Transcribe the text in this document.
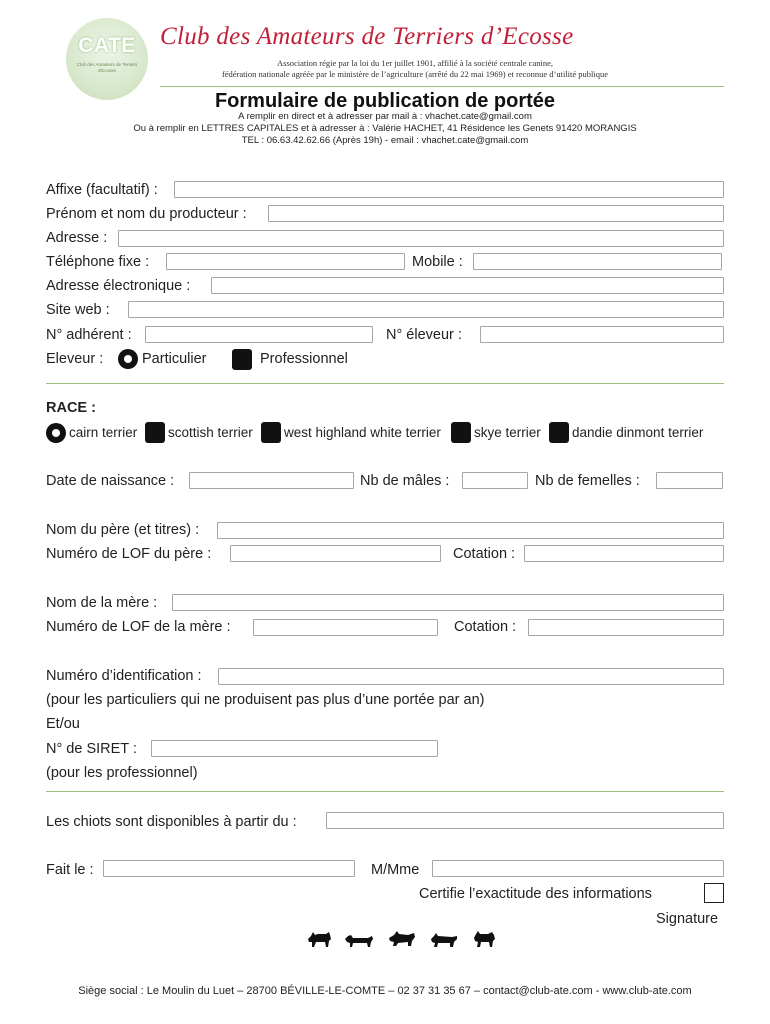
CATE
Club des Amateurs de Terriers d'Ecosse
Club des Amateurs de Terriers d’Ecosse
Association régie par la loi du 1er juillet 1901, affilié à la société centrale canine,
fédération nationale agréée par le ministère de l’agriculture (arrêté du 22 mai 1969) et reconnue d’utilité publique
Formulaire de publication de portée
A remplir en direct et à adresser par mail à : vhachet.cate@gmail.com
Ou à remplir en LETTRES CAPITALES et à adresser à : Valérie HACHET, 41 Résidence les Genets 91420 MORANGIS
TEL : 06.63.42.62.66 (Après 19h) - email : vhachet.cate@gmail.com
Affixe (facultatif) :
Prénom et nom du producteur :
Adresse :
Téléphone fixe :	Mobile :
Adresse électronique :
Site web :
N° adhérent :	N° éleveur :
Eleveur :	Particulier	Professionnel
RACE :
cairn terrier scottish terrier west highland white terrier skye terrier dandie dinmont terrier
Date de naissance :	Nb de mâles :	Nb de femelles :
Nom du père (et titres) :
Numéro de LOF du père :	Cotation :
Nom de la mère :
Numéro de LOF de la mère :	Cotation :
Numéro d’identification :
(pour les particuliers qui ne produisent pas plus d’une portée par an)
Et/ou
N° de SIRET :
(pour les professionnel)
Les chiots sont disponibles à partir du :
Fait le :	M/Mme
Certifie l’exactitude des informations
Signature
Siège social : Le Moulin du Luet – 28700 BÉVILLE-LE-COMTE – 02 37 31 35 67 – contact@club-ate.com - www.club-ate.com
